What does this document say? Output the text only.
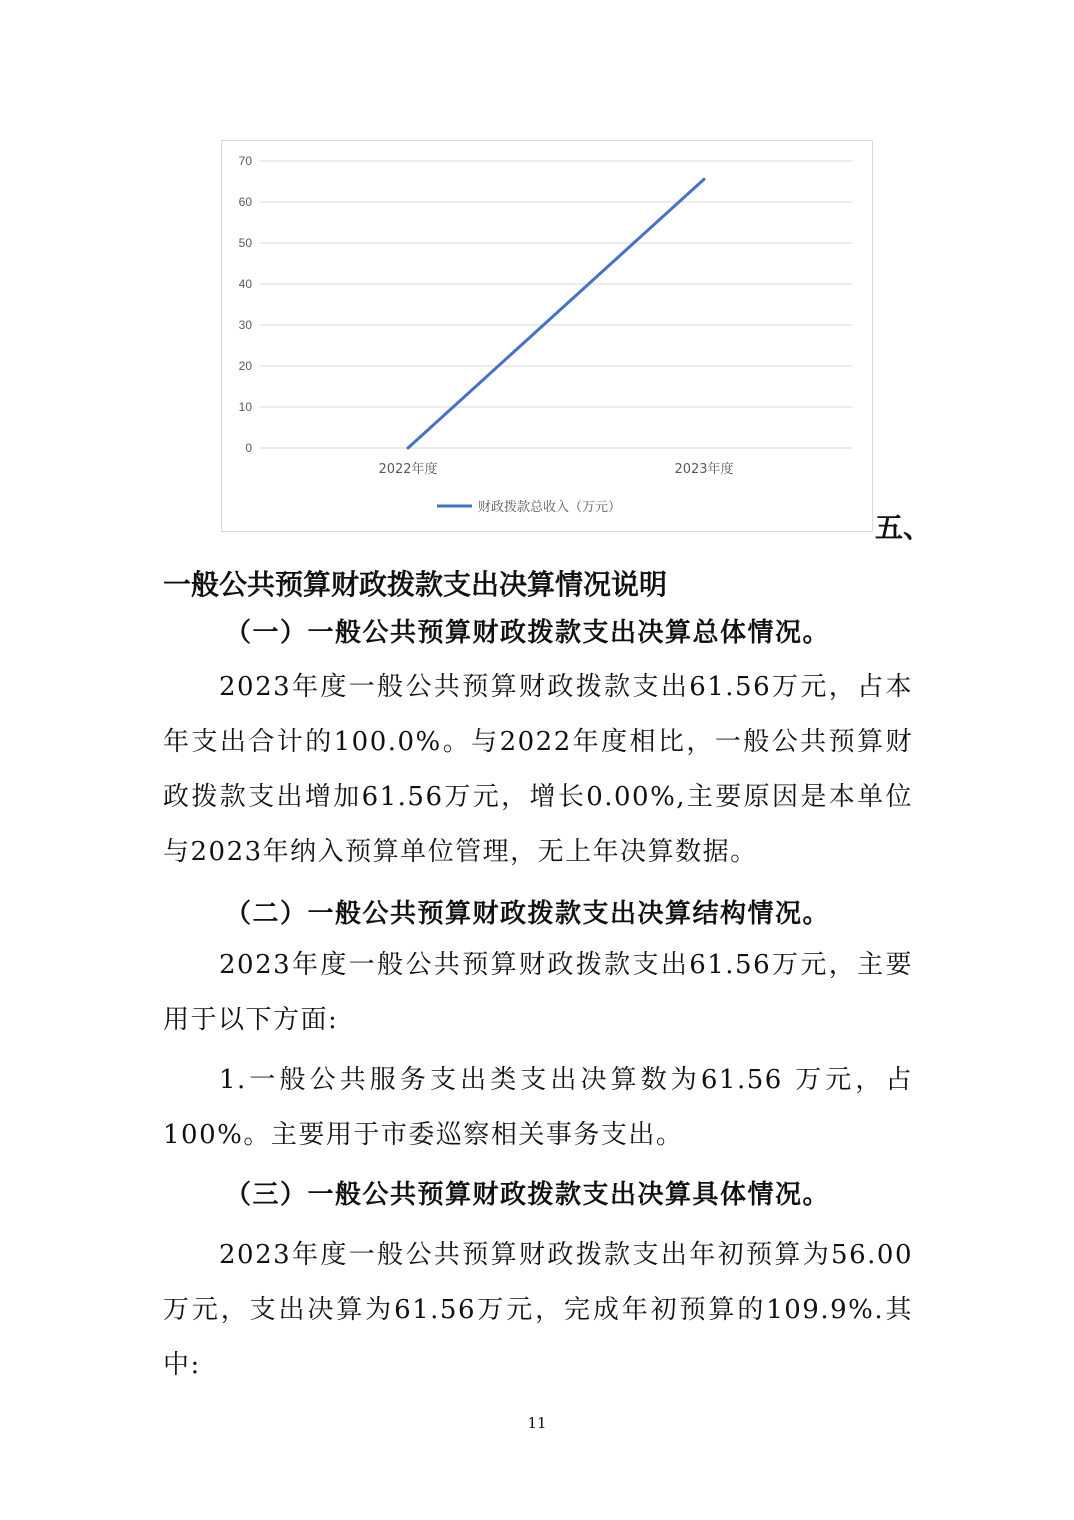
0
10
20
30
40
50
60
70
2022年度	2023年度
财政拨款总收入（万元）
五、
一般公共预算财政拨款支出决算情况说明

（一）一般公共预算财政拨款支出决算总体情况。

2023年度一般公共预算财政拨款支出61.56万元，占本年支出合计的100.0%。与2022年度相比，一般公共预算财政拨款支出增加61.56万元，增长0.00%,主要原因是本单位与2023年纳入预算单位管理，无上年决算数据。

（二）一般公共预算财政拨款支出决算结构情况。

2023年度一般公共预算财政拨款支出61.56万元，主要用于以下方面:

1.一般公共服务支出类支出决算数为61.56 万元，占100%。主要用于市委巡察相关事务支出。

（三）一般公共预算财政拨款支出决算具体情况。

2023年度一般公共预算财政拨款支出年初预算为56.00万元，支出决算为61.56万元，完成年初预算的109.9%.其中:

11
